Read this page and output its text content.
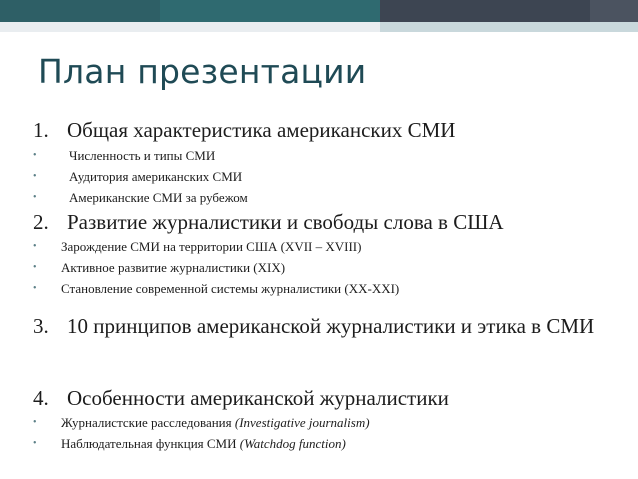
План презентации
1. Общая характеристика американских СМИ
•	Численность и типы СМИ
•	Аудитория американских СМИ
•	Американские СМИ за рубежом
2. Развитие журналистики и свободы слова в США
•	Зарождение СМИ на территории США (XVII – XVIII)
•	Активное развитие журналистики (XIX)
•	Становление современной системы журналистики (XX-XXI)
3. 10 принципов американской журналистики и этика в СМИ
4. Особенности американской журналистики
•	Журналистские расследования (Investigative journalism)
•	Наблюдательная функция СМИ (Watchdog function)
